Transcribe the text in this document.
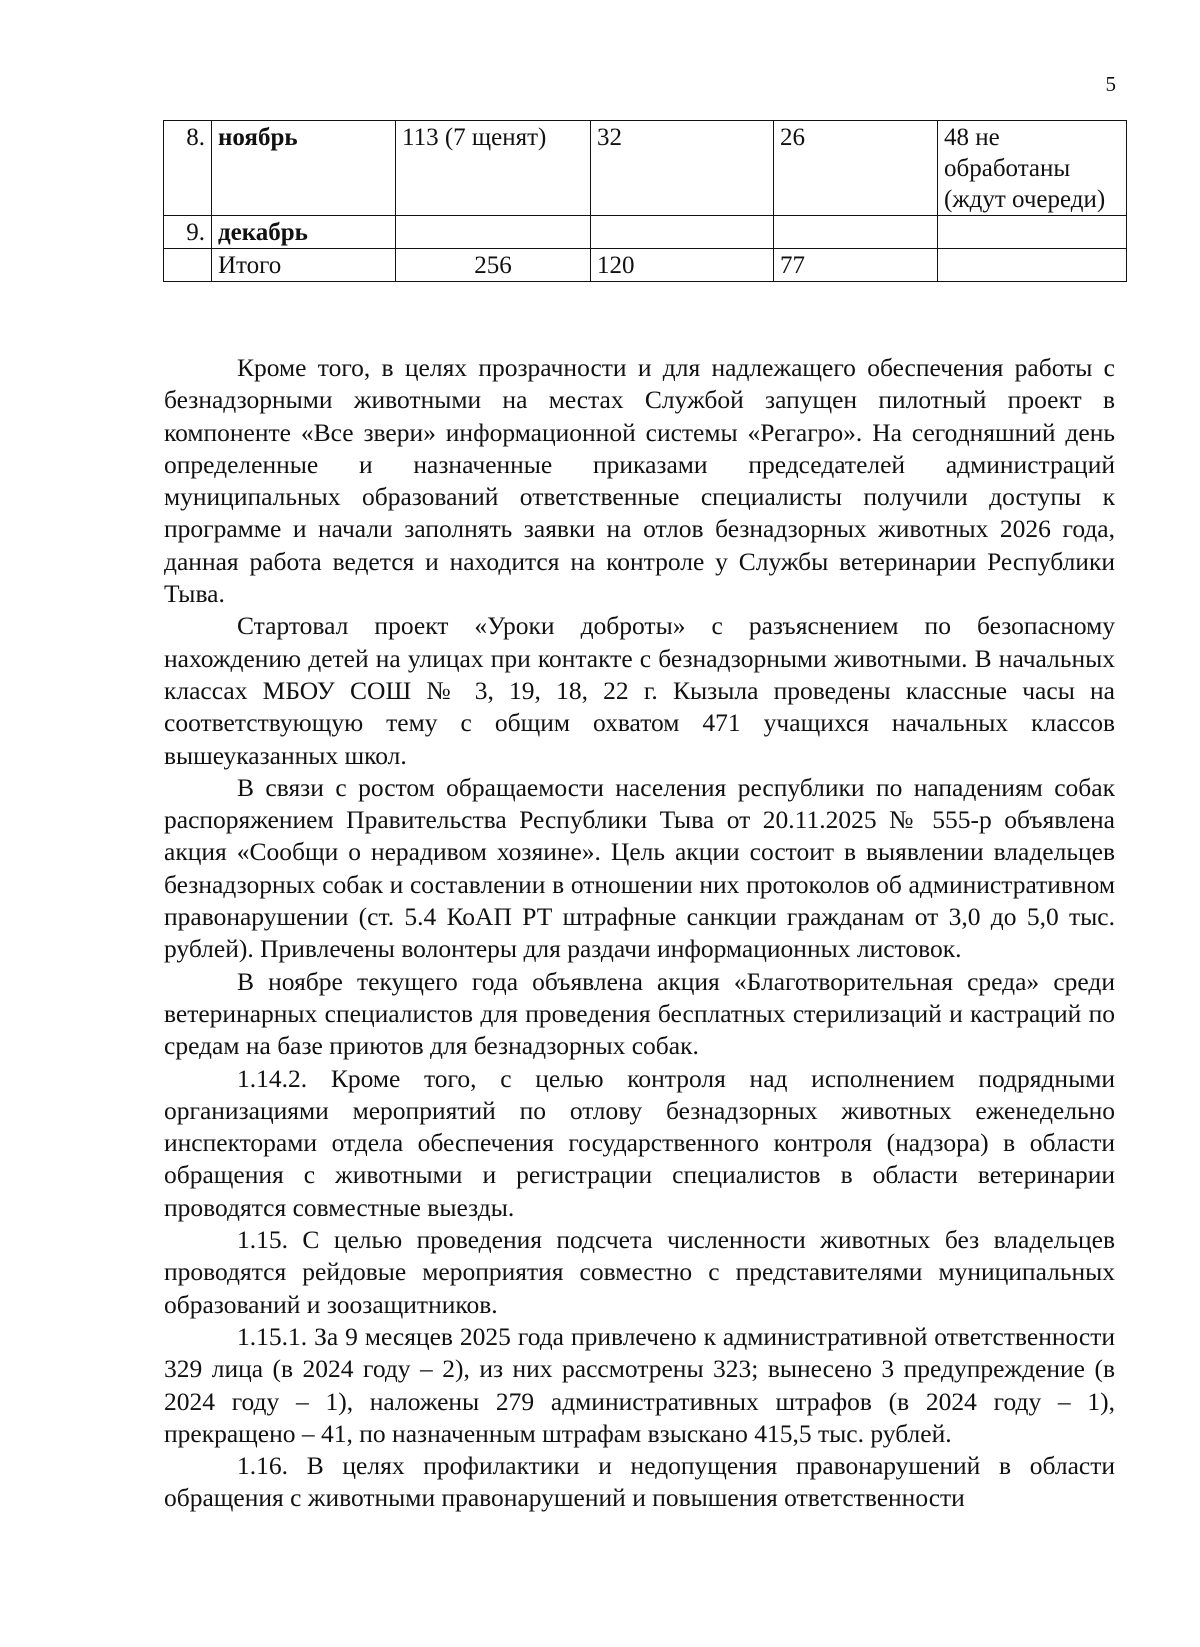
5
8.	ноябрь	113 (7 щенят)	32	26	48 не обработаны (ждут очереди)
9.	декабрь				
	Итого	256	120	77	

Кроме того, в целях прозрачности и для надлежащего обеспечения работы с безнадзорными животными на местах Службой запущен пилотный проект в компоненте «Все звери» информационной системы «Регагро». На сегодняшний день определенные и назначенные приказами председателей администраций муниципальных образований ответственные специалисты получили доступы к программе и начали заполнять заявки на отлов безнадзорных животных 2026 года, данная работа ведется и находится на контроле у Службы ветеринарии Республики Тыва.

Стартовал проект «Уроки доброты» с разъяснением по безопасному нахождению детей на улицах при контакте с безнадзорными животными. В начальных классах МБОУ СОШ № 3, 19, 18, 22 г. Кызыла проведены классные часы на соответствующую тему с общим охватом 471 учащихся начальных классов вышеуказанных школ.

В связи с ростом обращаемости населения республики по нападениям собак распоряжением Правительства Республики Тыва от 20.11.2025 № 555-р объявлена акция «Сообщи о нерадивом хозяине». Цель акции состоит в выявлении владельцев безнадзорных собак и составлении в отношении них протоколов об административном правонарушении (ст. 5.4 КоАП РТ штрафные санкции гражданам от 3,0 до 5,0 тыс. рублей). Привлечены волонтеры для раздачи информационных листовок.

В ноябре текущего года объявлена акция «Благотворительная среда» среди ветеринарных специалистов для проведения бесплатных стерилизаций и кастраций по средам на базе приютов для безнадзорных собак.

1.14.2. Кроме того, с целью контроля над исполнением подрядными организациями мероприятий по отлову безнадзорных животных еженедельно инспекторами отдела обеспечения государственного контроля (надзора) в области обращения с животными и регистрации специалистов в области ветеринарии проводятся совместные выезды.

1.15. С целью проведения подсчета численности животных без владельцев проводятся рейдовые мероприятия совместно с представителями муниципальных образований и зоозащитников.

1.15.1. За 9 месяцев 2025 года привлечено к административной ответственности 329 лица (в 2024 году – 2), из них рассмотрены 323; вынесено 3 предупреждение (в 2024 году – 1), наложены 279 административных штрафов (в 2024 году – 1), прекращено – 41, по назначенным штрафам взыскано 415,5 тыс. рублей.

1.16. В целях профилактики и недопущения правонарушений в области обращения с животными правонарушений и повышения ответственности
